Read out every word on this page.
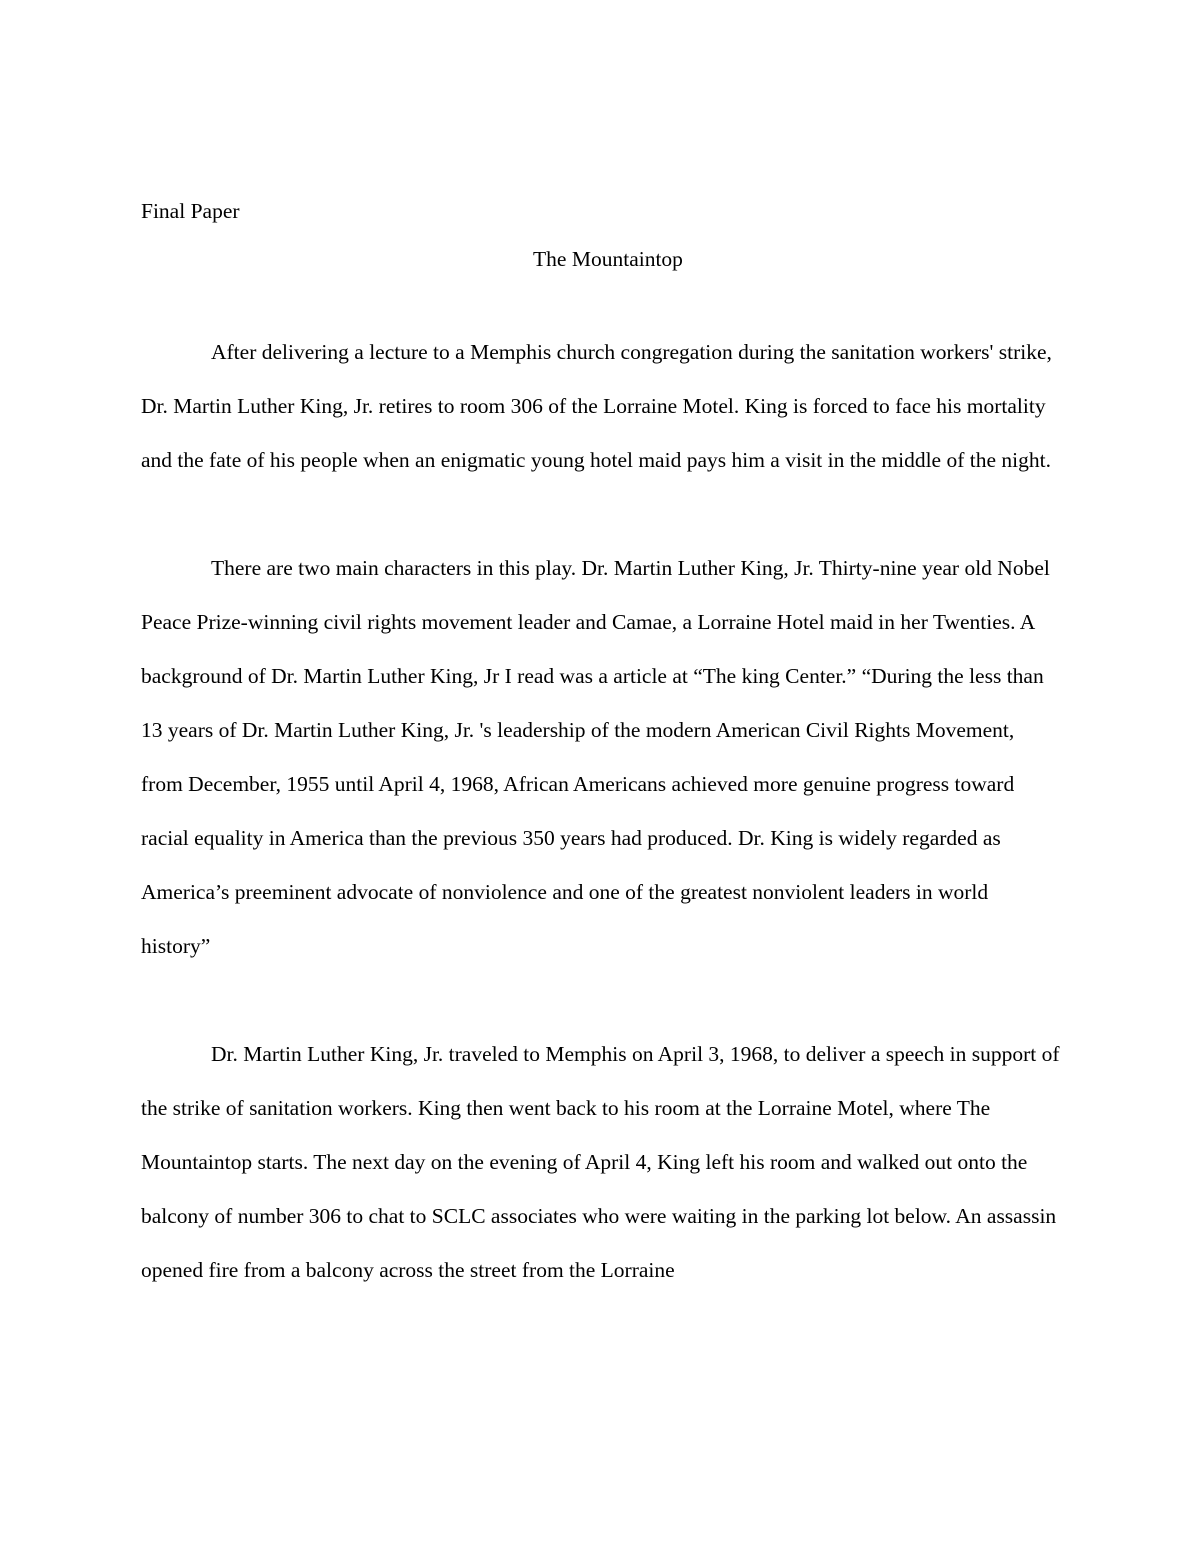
Final Paper

The Mountaintop

After delivering a lecture to a Memphis church congregation during the sanitation workers' strike, Dr. Martin Luther King, Jr. retires to room 306 of the Lorraine Motel. King is forced to face his mortality and the fate of his people when an enigmatic young hotel maid pays him a visit in the middle of the night.

There are two main characters in this play. Dr. Martin Luther King, Jr. Thirty-nine year old Nobel Peace Prize-winning civil rights movement leader and Camae, a Lorraine Hotel maid in her Twenties. A background of Dr. Martin Luther King, Jr I read was a article at “The king Center.” “During the less than 13 years of Dr. Martin Luther King, Jr. 's leadership of the modern American Civil Rights Movement, from December, 1955 until April 4, 1968, African Americans achieved more genuine progress toward racial equality in America than the previous 350 years had produced. Dr. King is widely regarded as America’s preeminent advocate of nonviolence and one of the greatest nonviolent leaders in world history”

Dr. Martin Luther King, Jr. traveled to Memphis on April 3, 1968, to deliver a speech in support of the strike of sanitation workers. King then went back to his room at the Lorraine Motel, where The Mountaintop starts. The next day on the evening of April 4, King left his room and walked out onto the balcony of number 306 to chat to SCLC associates who were waiting in the parking lot below. An assassin opened fire from a balcony across the street from the Lorraine
